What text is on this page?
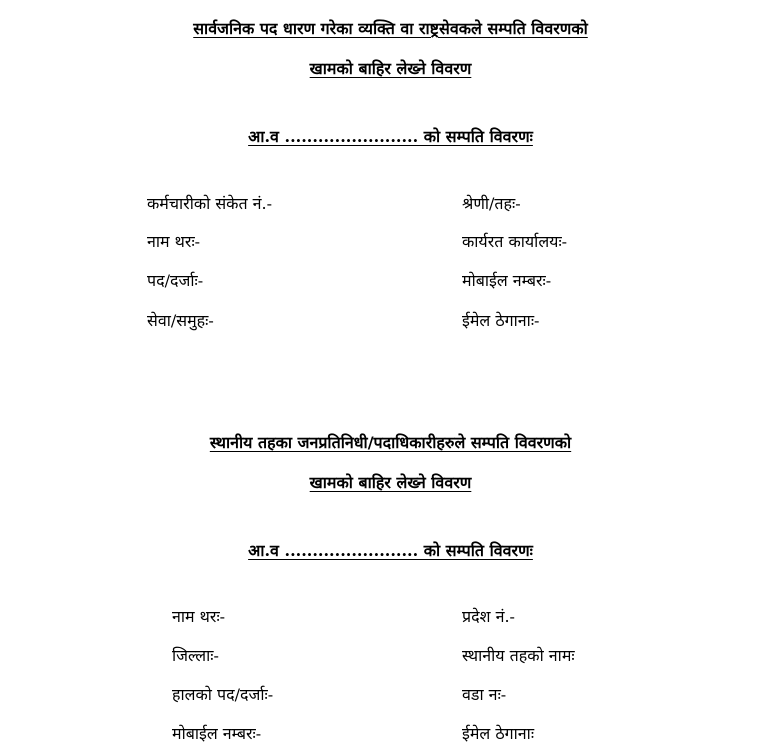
सार्वजनिक पद धारण गरेका व्यक्ति वा राष्ट्रसेवकले सम्पति विवरणको
खामको बाहिर लेख्ने विवरण
आ.व ........................ को सम्पति विवरणः
कर्मचारीको संकेत नं.-
नाम थरः-
पद/दर्जाः-
सेवा/समुहः-
श्रेणी/तहः-
कार्यरत कार्यालयः-
मोबाईल नम्बरः-
ईमेल ठेगानाः-
स्थानीय तहका जनप्रतिनिधी/पदाधिकारीहरुले सम्पति विवरणको
खामको बाहिर लेख्ने विवरण
आ.व ........................ को सम्पति विवरणः
नाम थरः-
जिल्लाः-
हालको पद/दर्जाः-
मोबाईल नम्बरः-
प्रदेश नं.-
स्थानीय तहको नामः
वडा नः-
ईमेल ठेगानाः
